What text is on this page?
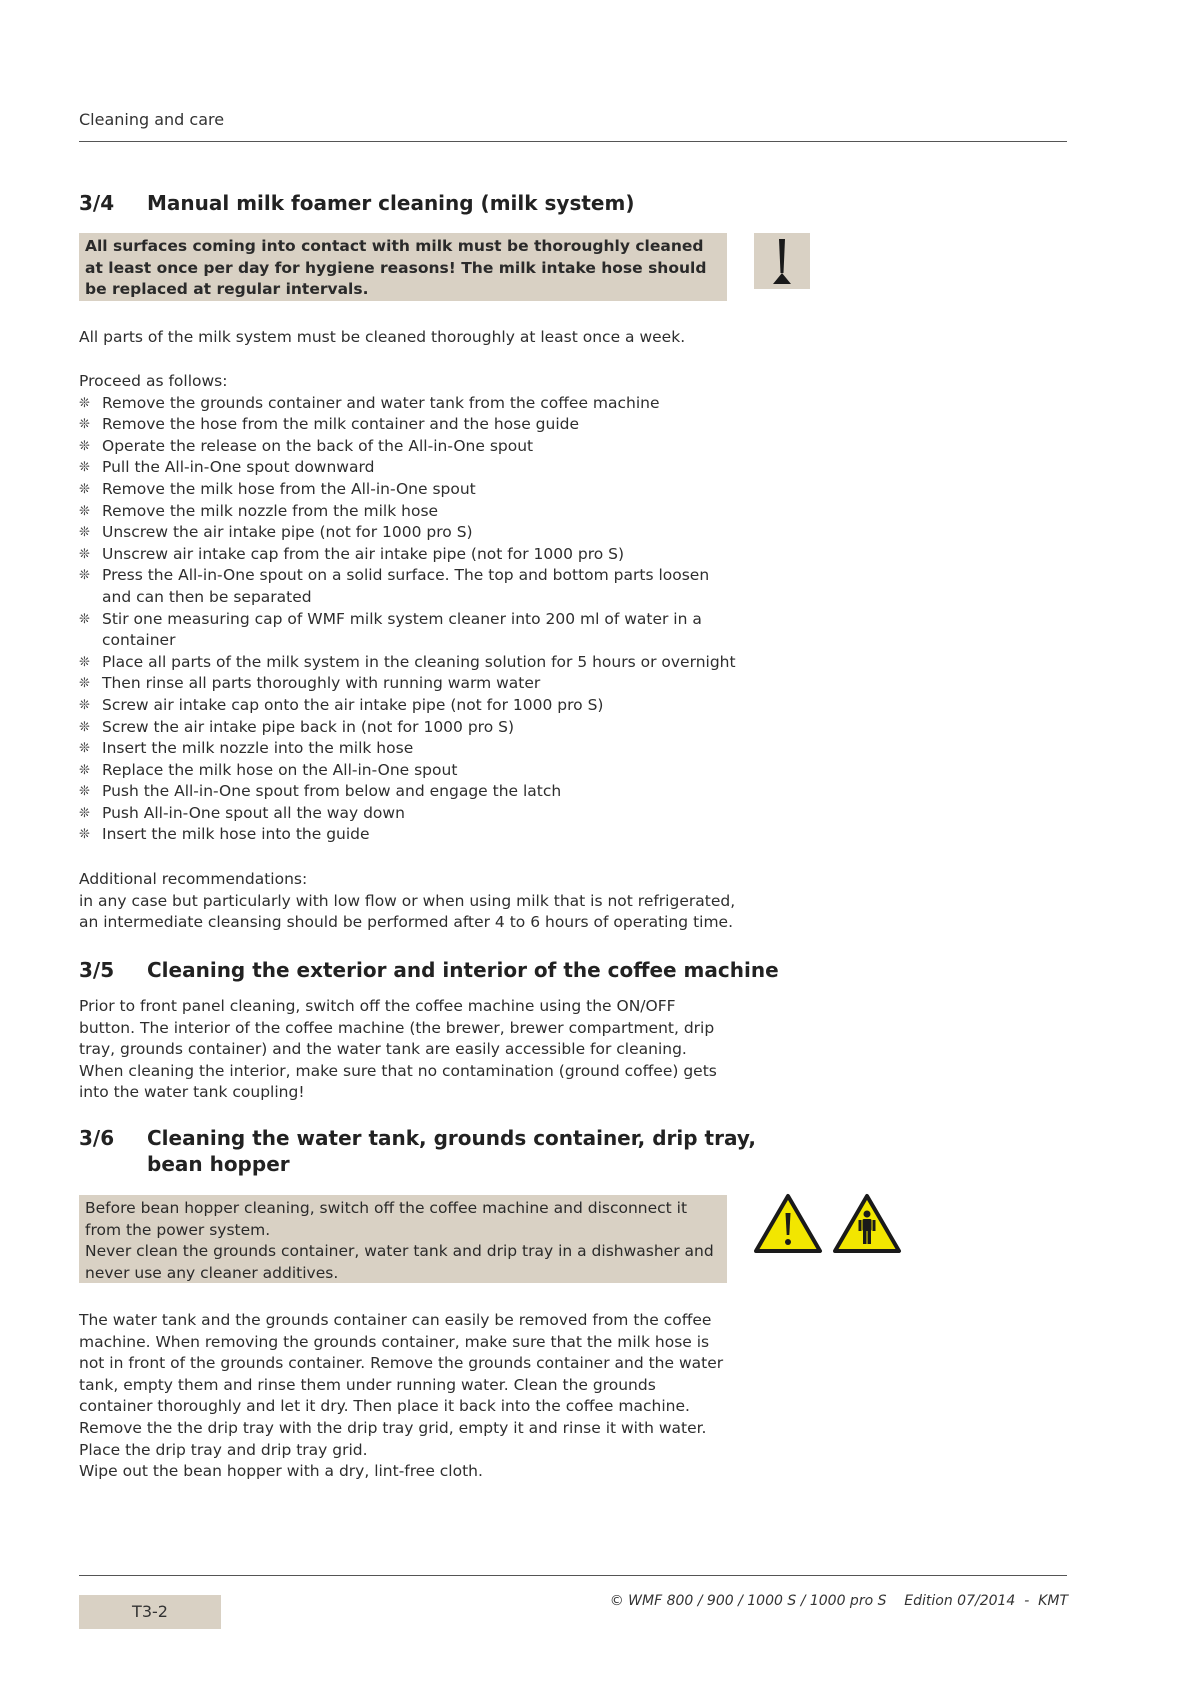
Cleaning and care
3/4 Manual milk foamer cleaning (milk system)
All surfaces coming into contact with milk must be thoroughly cleaned at least once per day for hygiene reasons! The milk intake hose should be replaced at regular intervals.
All parts of the milk system must be cleaned thoroughly at least once a week.
Proceed as follows:
❊ Remove the grounds container and water tank from the coffee machine
❊ Remove the hose from the milk container and the hose guide
❊ Operate the release on the back of the All-in-One spout
❊ Pull the All-in-One spout downward
❊ Remove the milk hose from the All-in-One spout
❊ Remove the milk nozzle from the milk hose
❊ Unscrew the air intake pipe (not for 1000 pro S)
❊ Unscrew air intake cap from the air intake pipe (not for 1000 pro S)
❊ Press the All-in-One spout on a solid surface. The top and bottom parts loosen and can then be separated
❊ Stir one measuring cap of WMF milk system cleaner into 200 ml of water in a container
❊ Place all parts of the milk system in the cleaning solution for 5 hours or overnight
❊ Then rinse all parts thoroughly with running warm water
❊ Screw air intake cap onto the air intake pipe (not for 1000 pro S)
❊ Screw the air intake pipe back in (not for 1000 pro S)
❊ Insert the milk nozzle into the milk hose
❊ Replace the milk hose on the All-in-One spout
❊ Push the All-in-One spout from below and engage the latch
❊ Push All-in-One spout all the way down
❊ Insert the milk hose into the guide
Additional recommendations:
in any case but particularly with low flow or when using milk that is not refrigerated, an intermediate cleansing should be performed after 4 to 6 hours of operating time.
3/5 Cleaning the exterior and interior of the coffee machine
Prior to front panel cleaning, switch off the coffee machine using the ON/OFF button. The interior of the coffee machine (the brewer, brewer compartment, drip tray, grounds container) and the water tank are easily accessible for cleaning. When cleaning the interior, make sure that no contamination (ground coffee) gets into the water tank coupling!
3/6 Cleaning the water tank, grounds container, drip tray,
bean hopper
Before bean hopper cleaning, switch off the coffee machine and disconnect it from the power system.
Never clean the grounds container, water tank and drip tray in a dishwasher and never use any cleaner additives.
The water tank and the grounds container can easily be removed from the coffee machine. When removing the grounds container, make sure that the milk hose is not in front of the grounds container. Remove the grounds container and the water tank, empty them and rinse them under running water. Clean the grounds container thoroughly and let it dry. Then place it back into the coffee machine.
Remove the the drip tray with the drip tray grid, empty it and rinse it with water. Place the drip tray and drip tray grid.
Wipe out the bean hopper with a dry, lint-free cloth.
T3-2
© WMF 800 / 900 / 1000 S / 1000 pro S    Edition 07/2014  -  KMT
